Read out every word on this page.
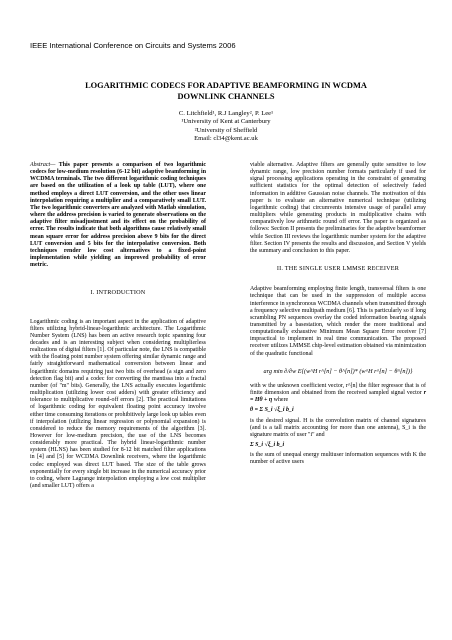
IEEE International Conference on Circuits and Systems 2006
LOGARITHMIC CODECS FOR ADAPTIVE BEAMFORMING IN WCDMA
DOWNLINK CHANNELS
C. Litchfield¹, R.J Langley², P. Lee¹
¹University of Kent at Canterbury
²University of Sheffield
Email: cl34@kent.ac.uk

Abstract— This paper presents a comparison of two logarithmic codecs for low-medium resolution (6-12 bit) adaptive beamforming in WCDMA terminals. The two different logarithmic coding techniques are based on the utilization of a look up table (LUT), where one method employs a direct LUT conversion, and the other uses linear interpolation requiring a multiplier and a comparatively small LUT. The two logarithmic converters are analyzed with Matlab simulation, where the address precision is varied to generate observations on the adaptive filter misadjustment and its effect on the probability of error. The results indicate that both algorithms cause relatively small mean square error for address precision above 9 bits for the direct LUT conversion and 5 bits for the interpolative conversion. Both techniques render low cost alternatives to a fixed-point implementation while yielding an improved probability of error metric.

I. INTRODUCTION

Logarithmic coding is an important aspect in the application of adaptive filters utilizing hybrid-linear-logarithmic architecture. The Logarithmic Number System (LNS) has been an active research topic spanning four decades and is an interesting subject when considering multiplierless realizations of digital filters [1]. Of particular note, the LNS is compatible with the floating point number system offering similar dynamic range and fairly straightforward mathematical conversion between linear and logarithmic domains requiring just two bits of overhead (a sign and zero detection flag bit) and a codec for converting the mantissa into a fractal number (of "m" bits). Generally, the LNS actually executes logarithmic multiplication (utilizing lower cost adders) with greater efficiency and tolerance to multiplicative round-off errors [2]. The practical limitations of logarithmic coding for equivalent floating point accuracy involve either time consuming iterations or prohibitively large look up tables even if interpolation (utilizing linear regression or polynomial expansion) is considered to reduce the memory requirements of the algorithm [3]. However for low-medium precision, the use of the LNS becomes considerably more practical. The hybrid linear-logarithmic number system (HLNS) has been studied for 8-12 bit matched filter applications in [4] and [5] for WCDMA Downlink receivers, where the logarithmic codec employed was direct LUT based. The size of the table grows exponentially for every single bit increase in the numerical accuracy prior to coding, where Lagrange interpolation employing a low cost multiplier (and smaller LUT) offers a

viable alternative. Adaptive filters are generally quite sensitive to low dynamic range, low precision number formats particularly if used for signal processing applications operating in the constraint of generating sufficient statistics for the optimal detection of selectively faded information in additive Gaussian noise channels. The motivation of this paper is to evaluate an alternative numerical technique (utilizing logarithmic coding) that circumvents intensive usage of parallel array multipliers while generating products in multiplicative chains with comparatively low arithmetic round off error. The paper is organized as follows: Section II presents the preliminaries for the adaptive beamformer while Section III reviews the logarithmic number system for the adaptive filter. Section IV presents the results and discussion, and Section V yields the summary and conclusion to this paper.

II. THE SINGLE USER LMMSE RECEIVER

Adaptive beamforming employing finite length, transversal filters is one technique that can be used in the suppression of multiple access interference in synchronous WCDMA channels when transmitted through a frequency selective multipath medium [6]. This is particularly so if long scrambling PN sequences overlay the coded information bearing signals transmitted by a basestation, which render the more traditional and computationally exhaustive Minimum Mean Square Error receiver [7] impractical to implement in real time communication. The proposed receiver utilizes LMMSE chip-level estimation obtained via minimization of the quadratic functional

arg min ∂/∂w E{(w^H r^[n] − θ^[n])* (w^H r^[n] − θ^[n])}

with w the unknown coefficient vector, r^[n] the filter regressor that is of finite dimension and obtained from the received sampled signal vector r = Hθ + η where
θ = Σ S_i √ξ_i b_i
is the desired signal. H is the convolution matrix of channel signatures (and is a tall matrix accounting for more than one antenna), S_i is the signature matrix of user "i" and
Σ S_i √ξ_i b_i
is the sum of unequal energy multiuser information sequences with K the number of active users
